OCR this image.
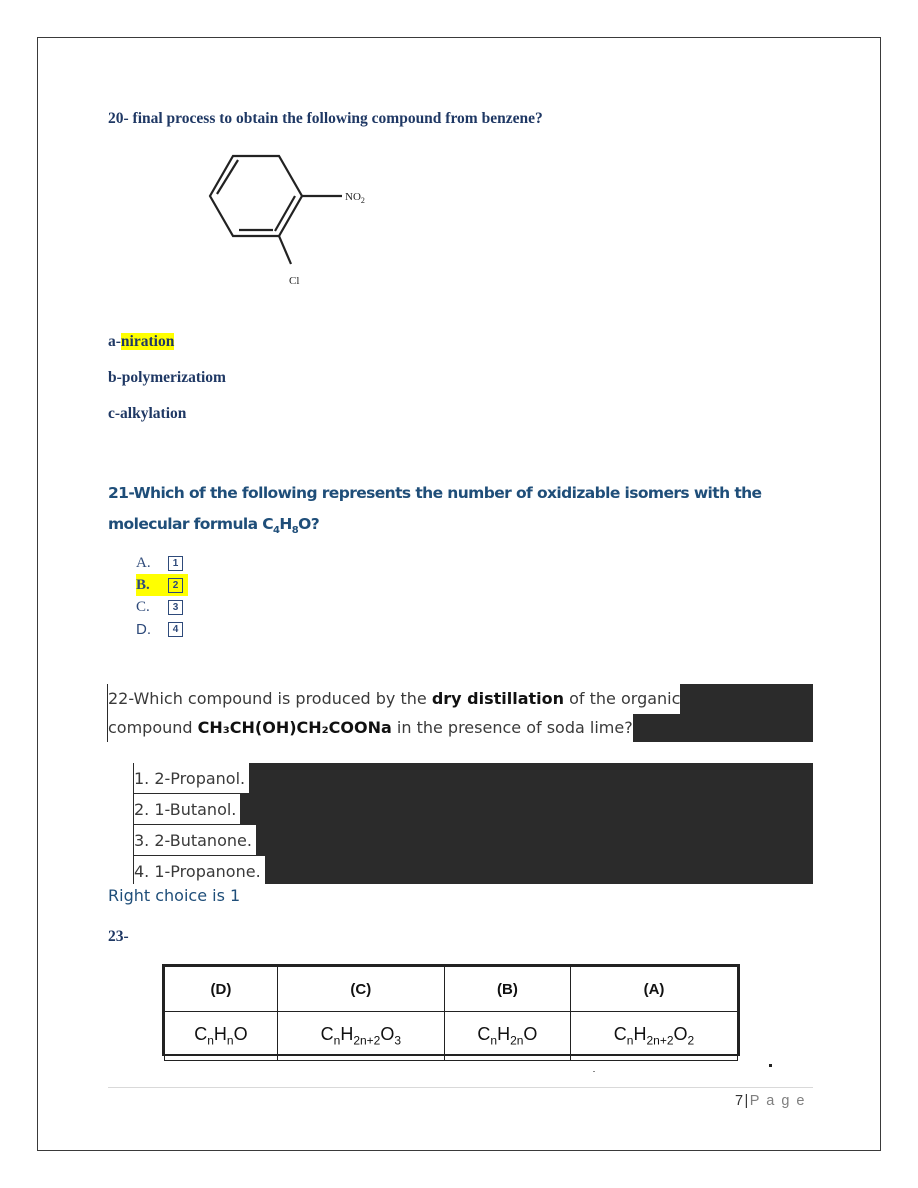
20- final process to obtain the following compound from benzene?
$NO_2$
Cl
a-niration
b-polymerizatiom
c-alkylation
21-Which of the following represents the number of oxidizable isomers with the molecular formula $C_4H_8O$?
A.	1
B.	2
C.	3
D.	4
22-Which compound is produced by the dry distillation of the organic
compound CH₃CH(OH)CH₂COONa in the presence of soda lime?
1. 2-Propanol.
2. 1-Butanol.
3. 2-Butanone.
4. 1-Propanone.
Right choice is 1
23-
(D)	(C)	(B)	(A)
$C_nH_nO$	$C_nH_{2n+2}O_3$	$C_nH_{2n}O$	$C_nH_{2n+2}O_2$
7|P a g e
